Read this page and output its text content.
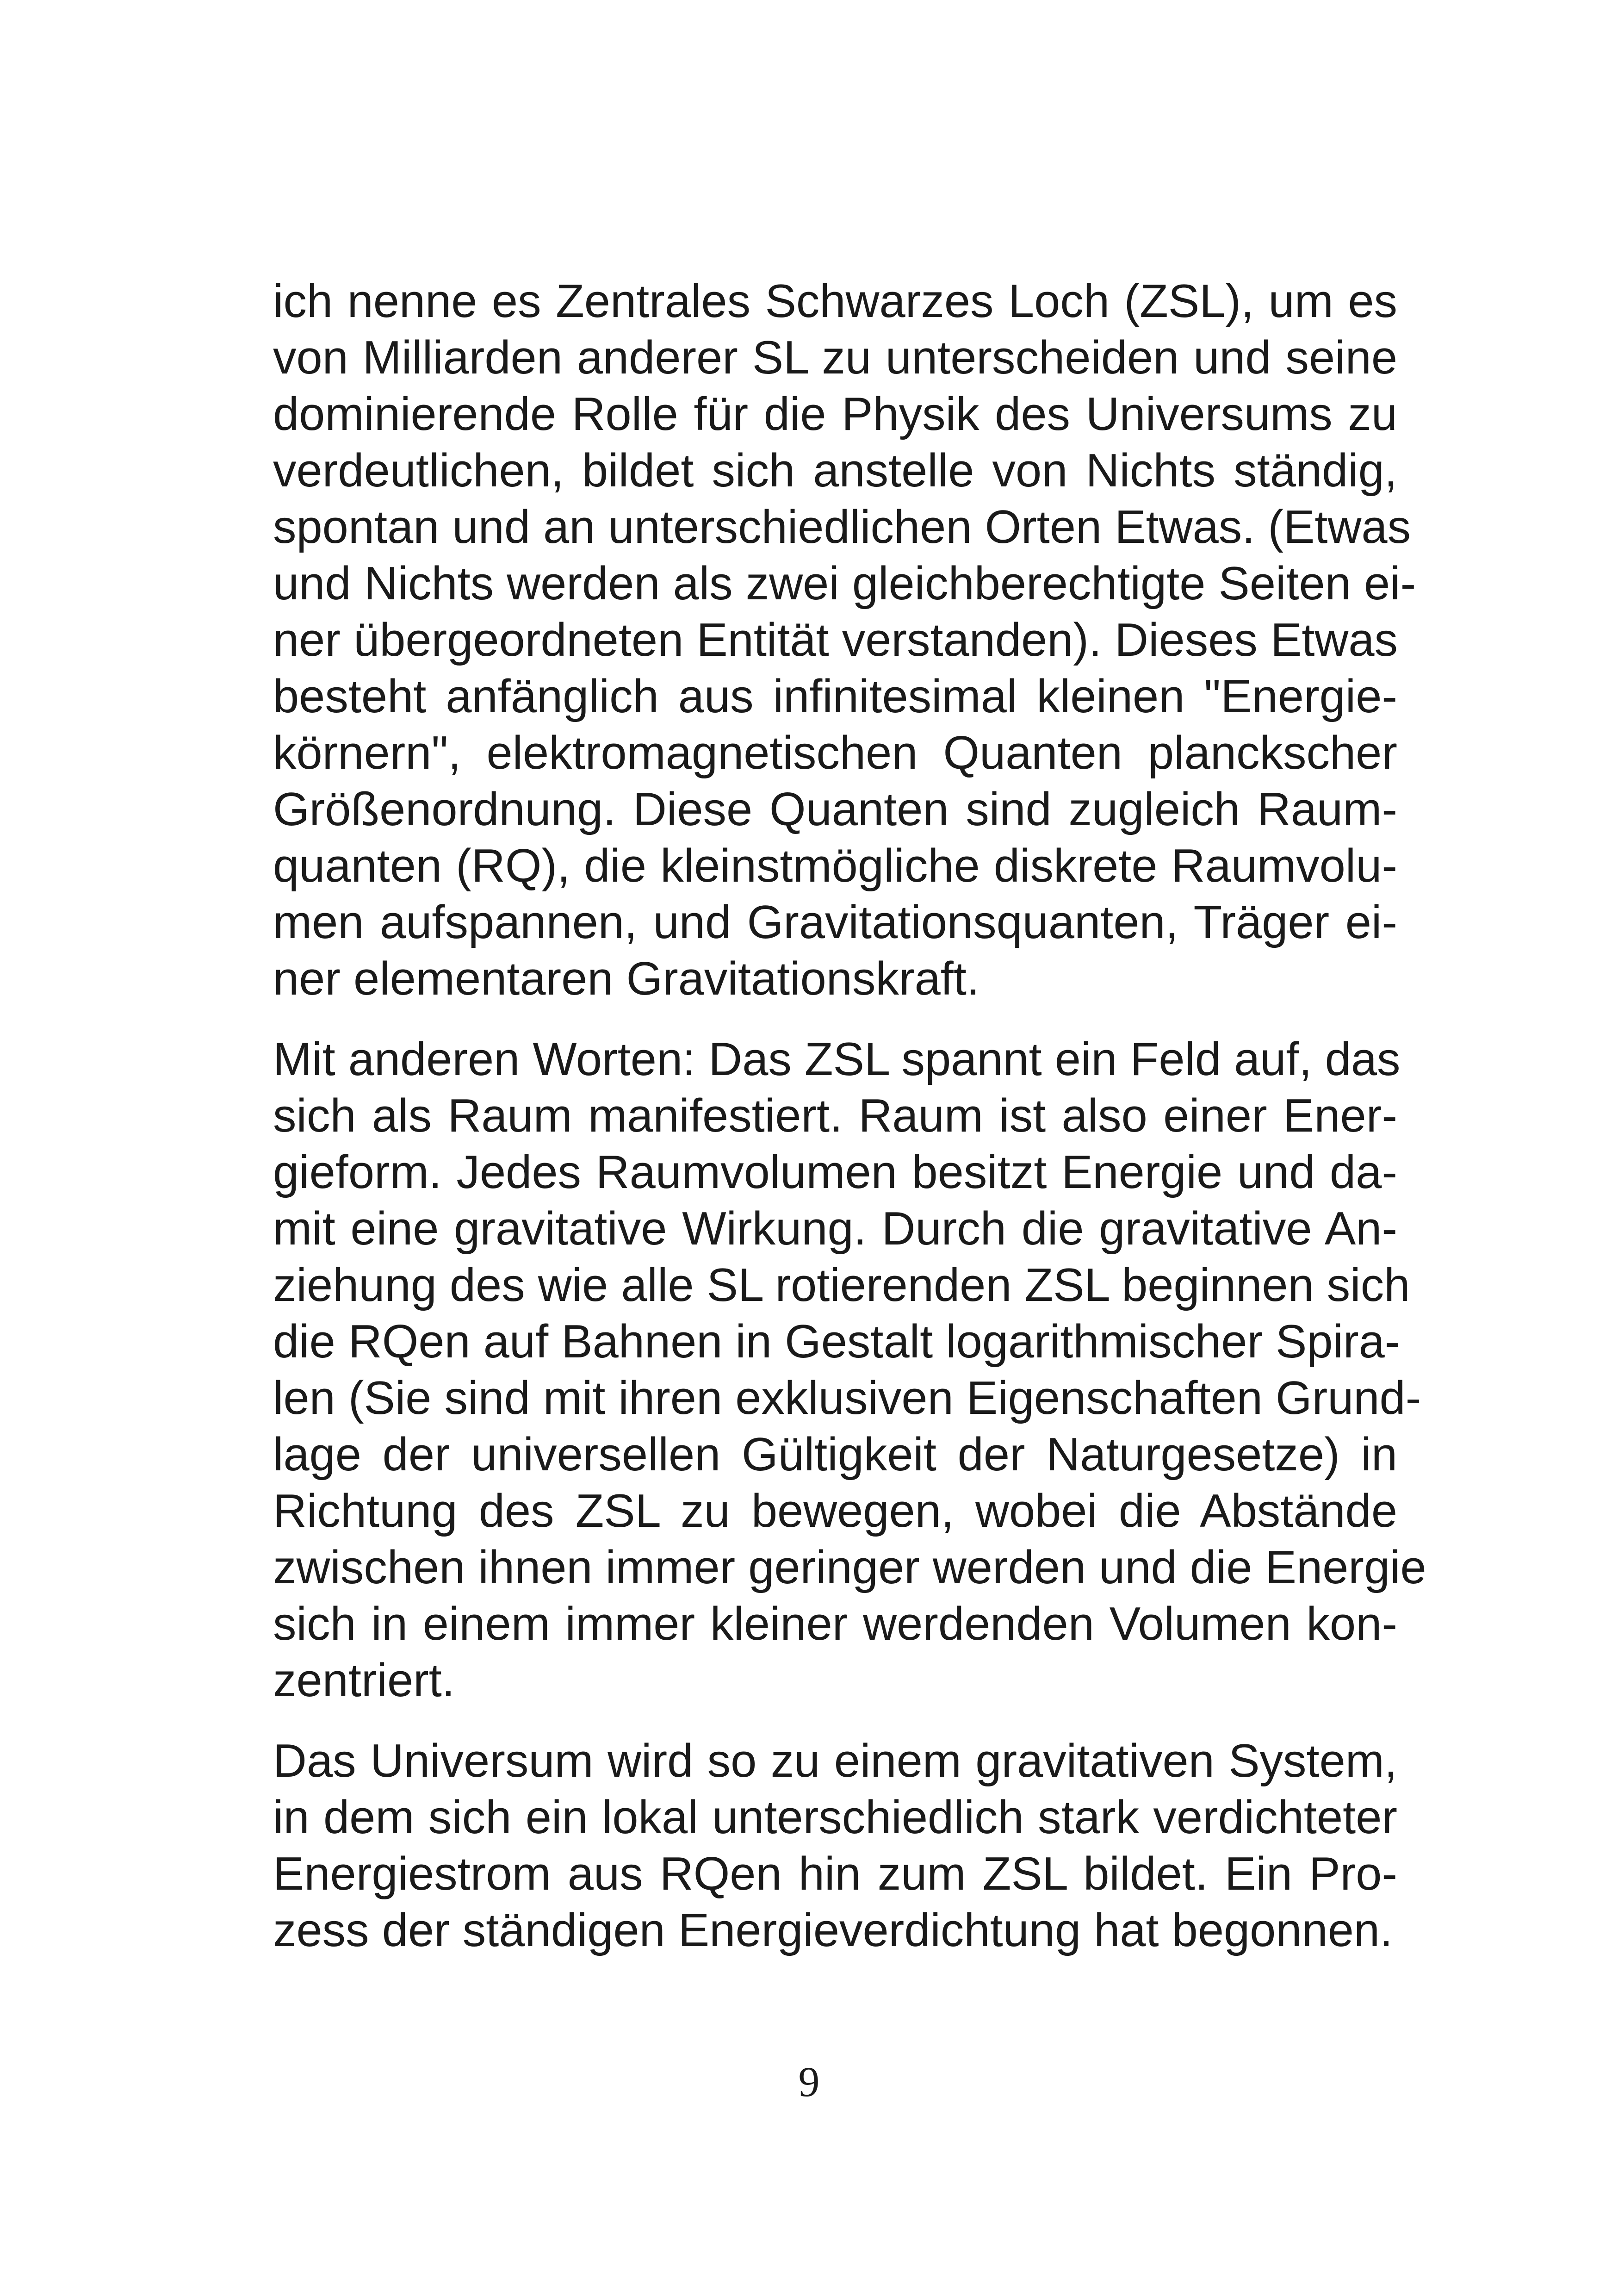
ich nenne es Zentrales Schwarzes Loch (ZSL), um es
von Milliarden anderer SL zu unterscheiden und seine
dominierende Rolle für die Physik des Universums zu
verdeutlichen, bildet sich anstelle von Nichts ständig,
spontan und an unterschiedlichen Orten Etwas. (Etwas
und Nichts werden als zwei gleichberechtigte Seiten ei-
ner übergeordneten Entität verstanden). Dieses Etwas
besteht anfänglich aus infinitesimal kleinen "Energie-
körnern", elektromagnetischen Quanten planckscher
Größenordnung. Diese Quanten sind zugleich Raum-
quanten (RQ), die kleinstmögliche diskrete Raumvolu-
men aufspannen, und Gravitationsquanten, Träger ei-
ner elementaren Gravitationskraft.

Mit anderen Worten: Das ZSL spannt ein Feld auf, das
sich als Raum manifestiert. Raum ist also einer Ener-
gieform. Jedes Raumvolumen besitzt Energie und da-
mit eine gravitative Wirkung. Durch die gravitative An-
ziehung des wie alle SL rotierenden ZSL beginnen sich
die RQen auf Bahnen in Gestalt logarithmischer Spira-
len (Sie sind mit ihren exklusiven Eigenschaften Grund-
lage der universellen Gültigkeit der Naturgesetze) in
Richtung des ZSL zu bewegen, wobei die Abstände
zwischen ihnen immer geringer werden und die Energie
sich in einem immer kleiner werdenden Volumen kon-
zentriert.

Das Universum wird so zu einem gravitativen System,
in dem sich ein lokal unterschiedlich stark verdichteter
Energiestrom aus RQen hin zum ZSL bildet. Ein Pro-
zess der ständigen Energieverdichtung hat begonnen.

9
